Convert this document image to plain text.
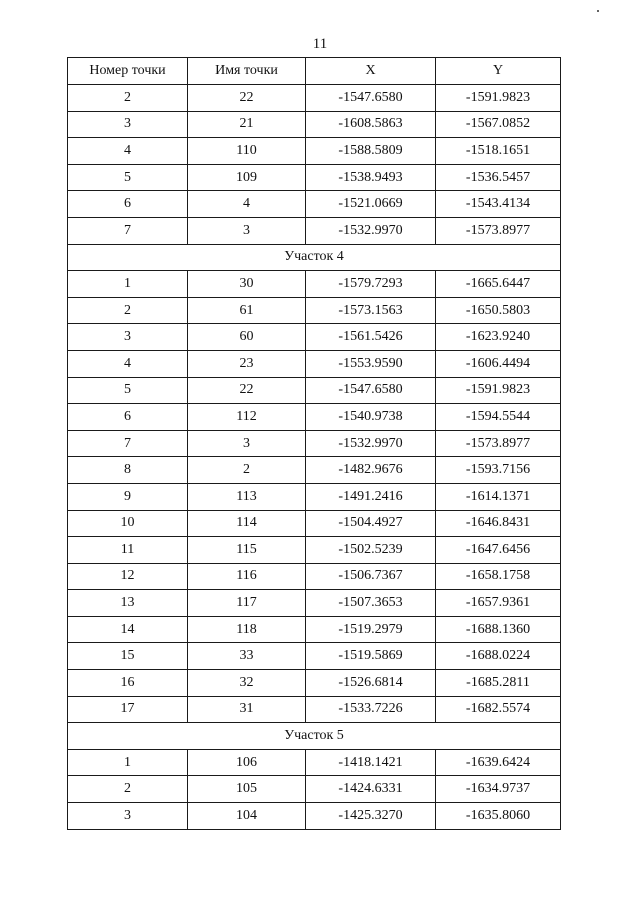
11
Номер точки	Имя точки	X	Y
2	22	-1547.6580	-1591.9823
3	21	-1608.5863	-1567.0852
4	110	-1588.5809	-1518.1651
5	109	-1538.9493	-1536.5457
6	4	-1521.0669	-1543.4134
7	3	-1532.9970	-1573.8977
Участок 4			
1	30	-1579.7293	-1665.6447
2	61	-1573.1563	-1650.5803
3	60	-1561.5426	-1623.9240
4	23	-1553.9590	-1606.4494
5	22	-1547.6580	-1591.9823
6	112	-1540.9738	-1594.5544
7	3	-1532.9970	-1573.8977
8	2	-1482.9676	-1593.7156
9	113	-1491.2416	-1614.1371
10	114	-1504.4927	-1646.8431
11	115	-1502.5239	-1647.6456
12	116	-1506.7367	-1658.1758
13	117	-1507.3653	-1657.9361
14	118	-1519.2979	-1688.1360
15	33	-1519.5869	-1688.0224
16	32	-1526.6814	-1685.2811
17	31	-1533.7226	-1682.5574
Участок 5			
1	106	-1418.1421	-1639.6424
2	105	-1424.6331	-1634.9737
3	104	-1425.3270	-1635.8060
